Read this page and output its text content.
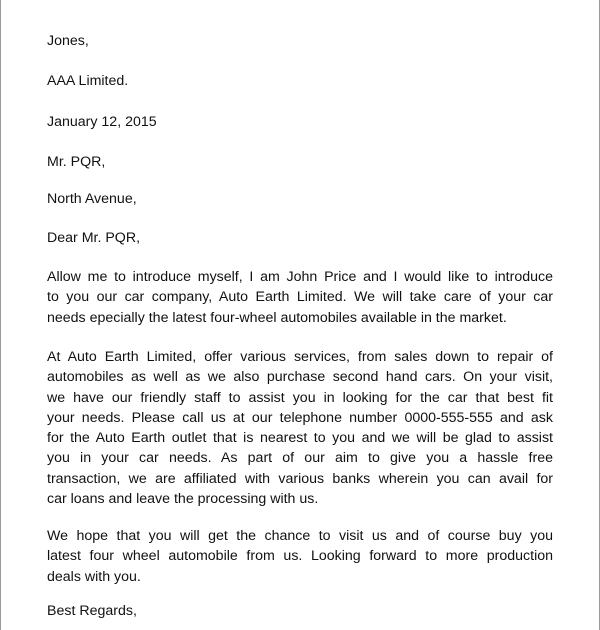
Jones,
AAA Limited.
January 12, 2015
Mr. PQR,
North Avenue,
Dear Mr. PQR,
Allow me to introduce myself, I am John Price and I would like to introduce
to you our car company, Auto Earth Limited. We will take care of your car
needs epecially the latest four-wheel automobiles available in the market.
At Auto Earth Limited, offer various services, from sales down to repair of
automobiles as well as we also purchase second hand cars. On your visit,
we have our friendly staff to assist you in looking for the car that best fit
your needs. Please call us at our telephone number 0000-555-555 and ask
for the Auto Earth outlet that is nearest to you and we will be glad to assist
you in your car needs. As part of our aim to give you a hassle free
transaction, we are affiliated with various banks wherein you can avail for
car loans and leave the processing with us.
We hope that you will get the chance to visit us and of course buy you
latest four wheel automobile from us. Looking forward to more production
deals with you.
Best Regards,
